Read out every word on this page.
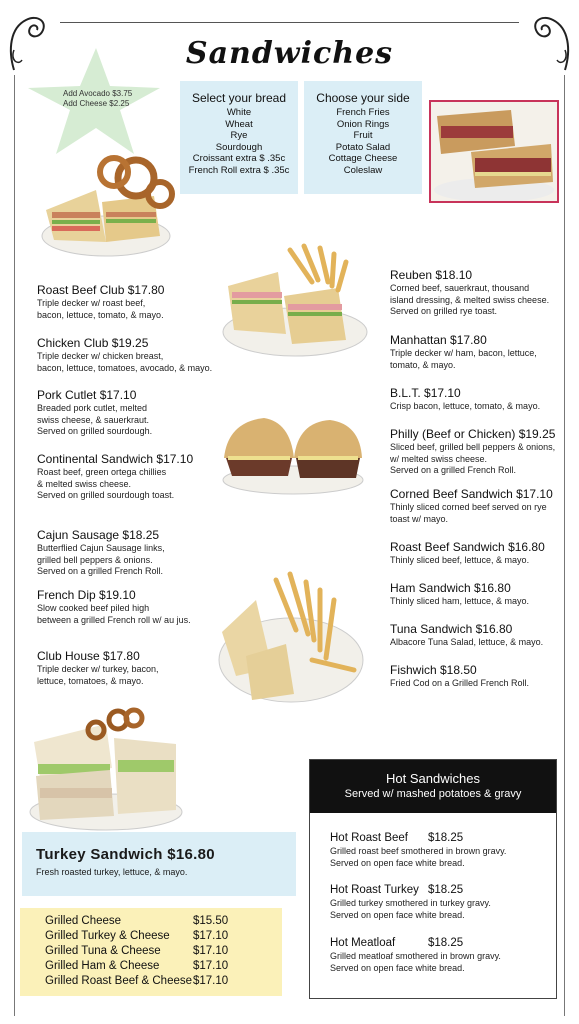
Sandwiches
Add Avocado $3.75
Add Cheese $2.25	Select your bread
White
Wheat
Rye
Sourdough
Croissant extra $ .35c
French Roll extra $ .35c
Choose your side
French Fries
Onion Rings
Fruit
Potato Salad
Cottage Cheese
Coleslaw
Roast Beef Club $17.80
Triple decker w/ roast beef,
bacon, lettuce, tomato, & mayo.
Chicken Club $19.25
Triple decker w/ chicken breast,
bacon, lettuce, tomatoes, avocado, & mayo.
Pork Cutlet $17.10
Breaded pork cutlet, melted
swiss cheese, & sauerkraut.
Served on grilled sourdough.
Continental Sandwich $17.10
Roast beef, green ortega chillies
& melted swiss cheese.
Served on grilled sourdough toast.
Cajun Sausage $18.25
Butterflied Cajun Sausage links,
grilled bell peppers & onions.
Served on a grilled French Roll.
French Dip $19.10
Slow cooked beef piled high
between a grilled French roll w/ au jus.
Club House $17.80
Triple decker w/ turkey, bacon,
lettuce, tomatoes, & mayo.
Reuben $18.10
Corned beef, sauerkraut, thousand
island dressing, & melted swiss cheese.
Served on grilled rye toast.
Manhattan $17.80
Triple decker w/ ham, bacon, lettuce,
tomato, & mayo.
B.L.T. $17.10
Crisp bacon, lettuce, tomato, & mayo.
Philly (Beef or Chicken) $19.25
Sliced beef, grilled bell peppers & onions,
w/ melted swiss cheese.
Served on a grilled French Roll.
Corned Beef Sandwich $17.10
Thinly sliced corned beef served on rye
toast w/ mayo.
Roast Beef Sandwich $16.80
Thinly sliced beef, lettuce, & mayo.
Ham Sandwich $16.80
Thinly sliced ham, lettuce, & mayo.
Tuna Sandwich $16.80
Albacore Tuna Salad, lettuce, & mayo.
Fishwich $18.50
Fried Cod on a Grilled French Roll.
Hot Sandwiches
Served w/ mashed potatoes & gravy
Hot Roast Beef $18.25
Grilled roast beef smothered in brown gravy.
Served on open face white bread.
Hot Roast Turkey $18.25
Grilled turkey smothered in turkey gravy.
Served on open face white bread.
Hot Meatloaf	$18.25
Grilled meatloaf smothered in brown gravy.
Served on open face white bread.
Turkey Sandwich $16.80
Fresh roasted turkey, lettuce, & mayo.
Grilled Cheese	$15.50
Grilled Turkey & Cheese	$17.10
Grilled Tuna & Cheese	$17.10
Grilled Ham & Cheese	$17.10
Grilled Roast Beef & Cheese $17.10
